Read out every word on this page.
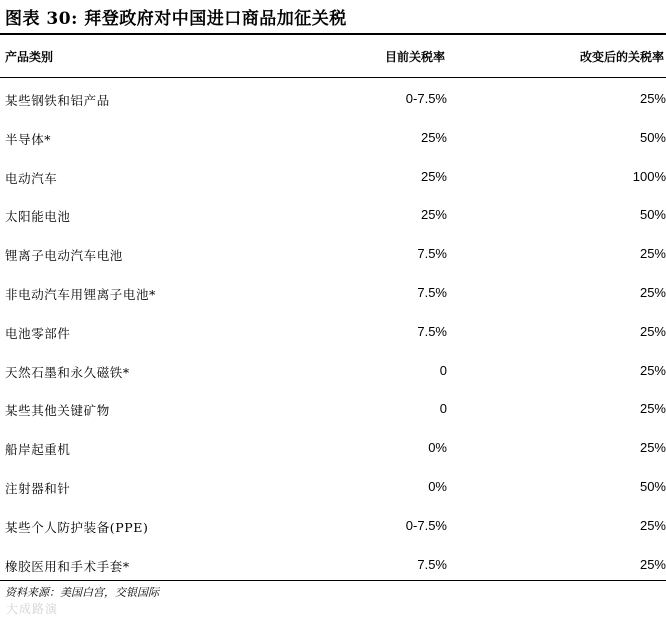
图表 30: 拜登政府对中国进口商品加征关税
产品类别	目前关税率	改变后的关税率
某些钢铁和铝产品	0-7.5%	25%
半导体*	25%	50%
电动汽车	25%	100%
太阳能电池	25%	50%
锂离子电动汽车电池	7.5%	25%
非电动汽车用锂离子电池*	7.5%	25%
电池零部件	7.5%	25%
天然石墨和永久磁铁*	0	25%
某些其他关键矿物	0	25%
船岸起重机	0%	25%
注射器和针	0%	50%
某些个人防护装备(PPE)	0-7.5%	25%
橡胶医用和手术手套*	7.5%	25%
资料来源：美国白宫，交银国际
大成路演
